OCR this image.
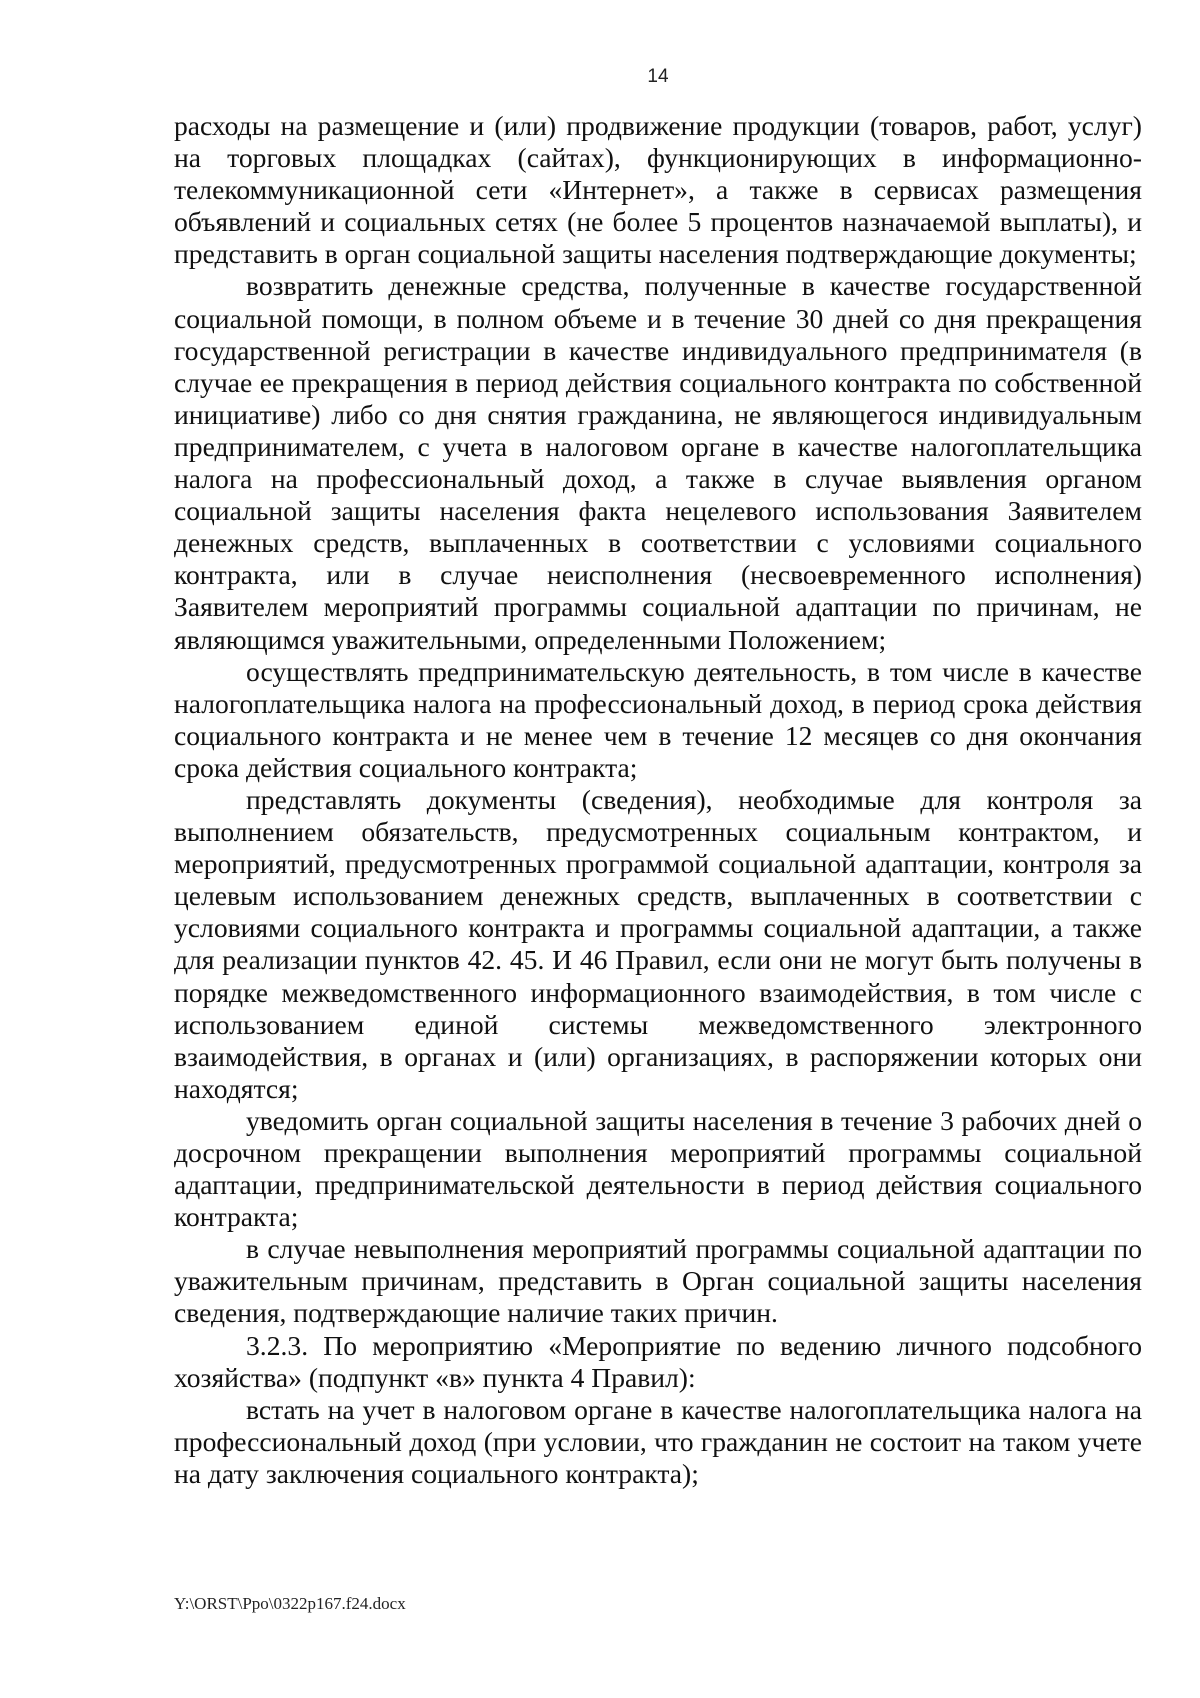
14

расходы на размещение и (или) продвижение продукции (товаров, работ, услуг) на торговых площадках (сайтах), функционирующих в информационно-телекоммуникационной сети «Интернет», а также в сервисах размещения объявлений и социальных сетях (не более 5 процентов назначаемой выплаты), и представить в орган социальной защиты населения подтверждающие документы;

возвратить денежные средства, полученные в качестве государственной социальной помощи, в полном объеме и в течение 30 дней со дня прекращения государственной регистрации в качестве индивидуального предпринимателя (в случае ее прекращения в период действия социального контракта по собственной инициативе) либо со дня снятия гражданина, не являющегося индивидуальным предпринимателем, с учета в налоговом органе в качестве налогоплательщика налога на профессиональный доход, а также в случае выявления органом социальной защиты населения факта нецелевого использования Заявителем денежных средств, выплаченных в соответствии с условиями социального контракта, или в случае неисполнения (несвоевременного исполнения) Заявителем мероприятий программы социальной адаптации по причинам, не являющимся уважительными, определенными Положением;

осуществлять предпринимательскую деятельность, в том числе в качестве налогоплательщика налога на профессиональный доход, в период срока действия социального контракта и не менее чем в течение 12 месяцев со дня окончания срока действия социального контракта;

представлять документы (сведения), необходимые для контроля за выполнением обязательств, предусмотренных социальным контрактом, и мероприятий, предусмотренных программой социальной адаптации, контроля за целевым использованием денежных средств, выплаченных в соответствии с условиями социального контракта и программы социальной адаптации, а также для реализации пунктов 42. 45. И 46 Правил, если они не могут быть получены в порядке межведомственного информационного взаимодействия, в том числе с использованием единой системы межведомственного электронного взаимодействия, в органах и (или) организациях, в распоряжении которых они находятся;

уведомить орган социальной защиты населения в течение 3 рабочих дней о досрочном прекращении выполнения мероприятий программы социальной адаптации, предпринимательской деятельности в период действия социального контракта;

в случае невыполнения мероприятий программы социальной адаптации по уважительным причинам, представить в Орган социальной защиты населения сведения, подтверждающие наличие таких причин.

3.2.3. По мероприятию «Мероприятие по ведению личного подсобного хозяйства» (подпункт «в» пункта 4 Правил):

встать на учет в налоговом органе в качестве налогоплательщика налога на профессиональный доход (при условии, что гражданин не состоит на таком учете на дату заключения социального контракта);

Y:\ORST\Ppo\0322p167.f24.docx
